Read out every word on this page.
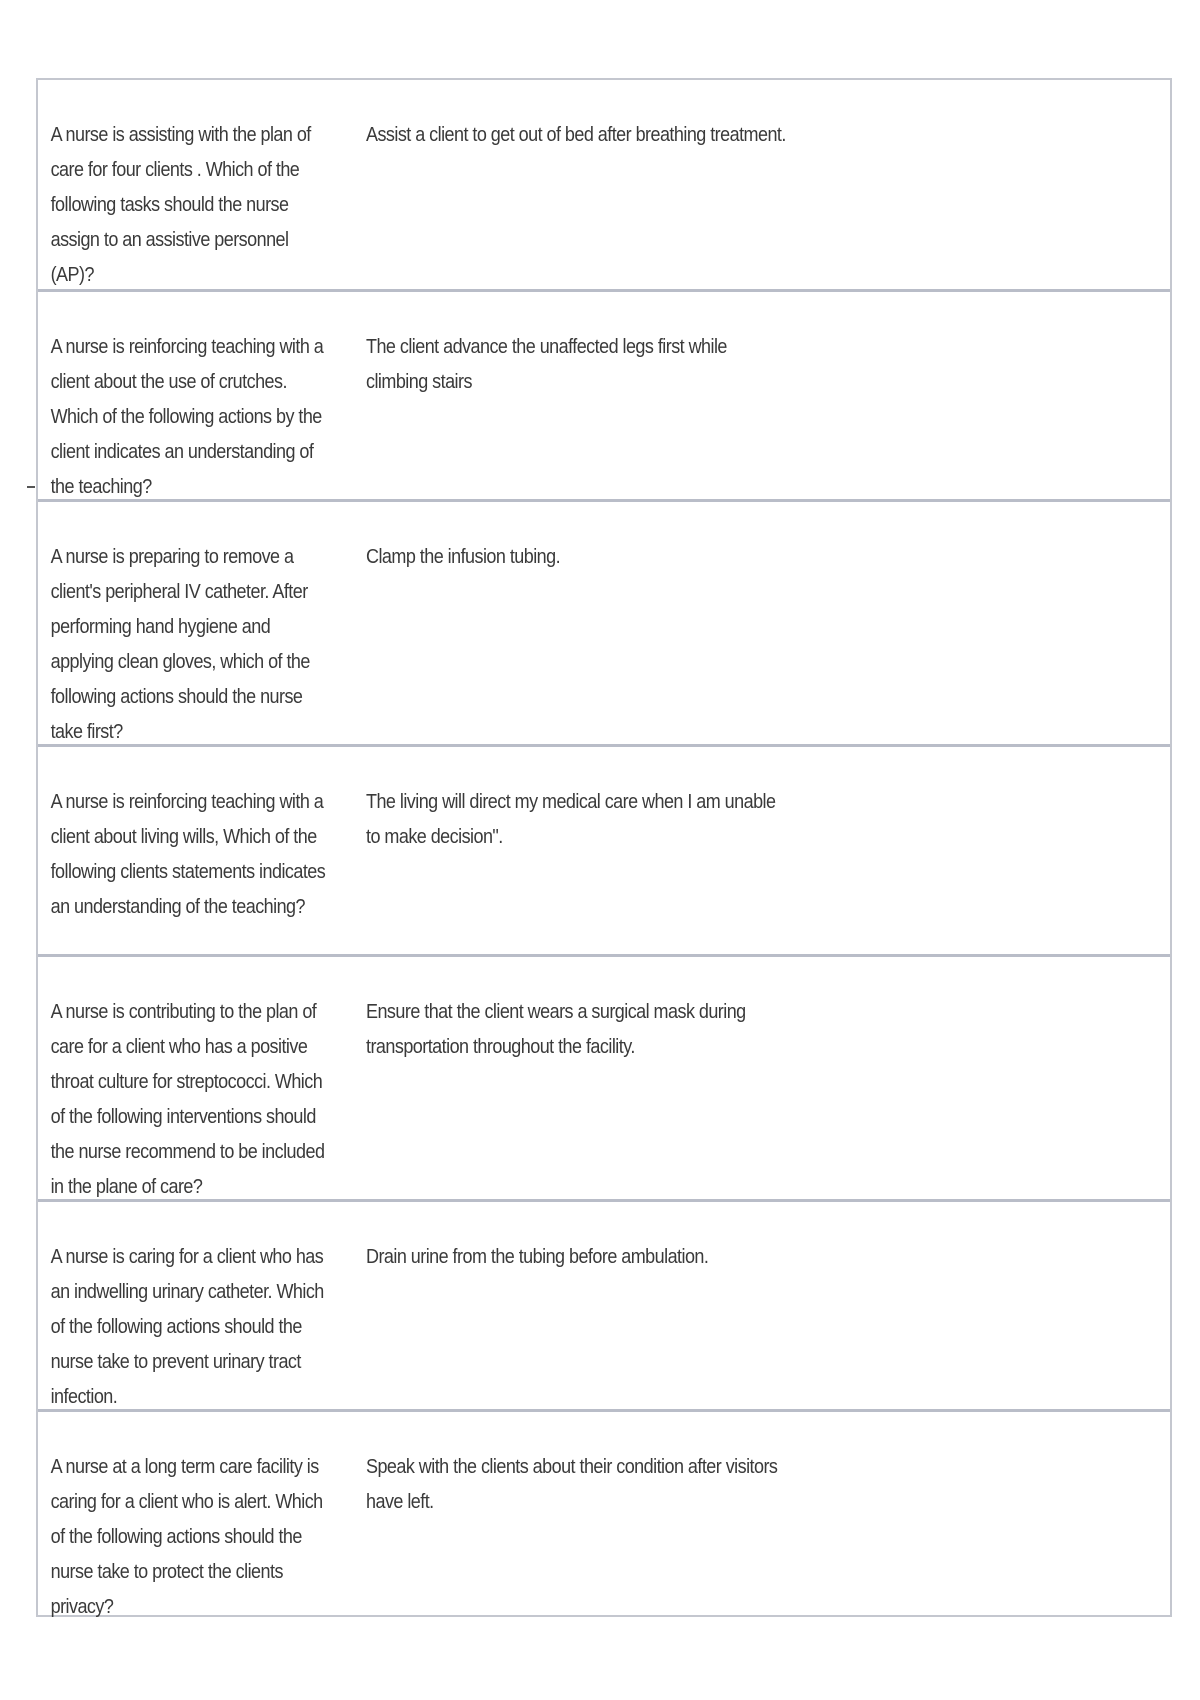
A nurse is assisting with the plan of care for four clients . Which of the following tasks should the nurse assign to an assistive personnel (AP)?
Assist a client to get out of bed after breathing treatment.
A nurse is reinforcing teaching with a client about the use of crutches. Which of the following actions by the client indicates an understanding of the teaching?
The client advance the unaffected legs first while climbing stairs
A nurse is preparing to remove a client's peripheral IV catheter. After performing hand hygiene and applying clean gloves, which of the following actions should the nurse take first?
Clamp the infusion tubing.
A nurse is reinforcing teaching with a client about living wills, Which of the following clients statements indicates an understanding of the teaching?
The living will direct my medical care when I am unable to make decision".
A nurse is contributing to the plan of care for a client who has a positive throat culture for streptococci. Which of the following interventions should the nurse recommend to be included in the plane of care?
Ensure that the client wears a surgical mask during transportation throughout the facility.
A nurse is caring for a client who has an indwelling urinary catheter. Which of the following actions should the nurse take to prevent urinary tract infection.
Drain urine from the tubing before ambulation.
A nurse at a long term care facility is caring for a client who is alert. Which of the following actions should the nurse take to protect the clients privacy?
Speak with the clients about their condition after visitors have left.
